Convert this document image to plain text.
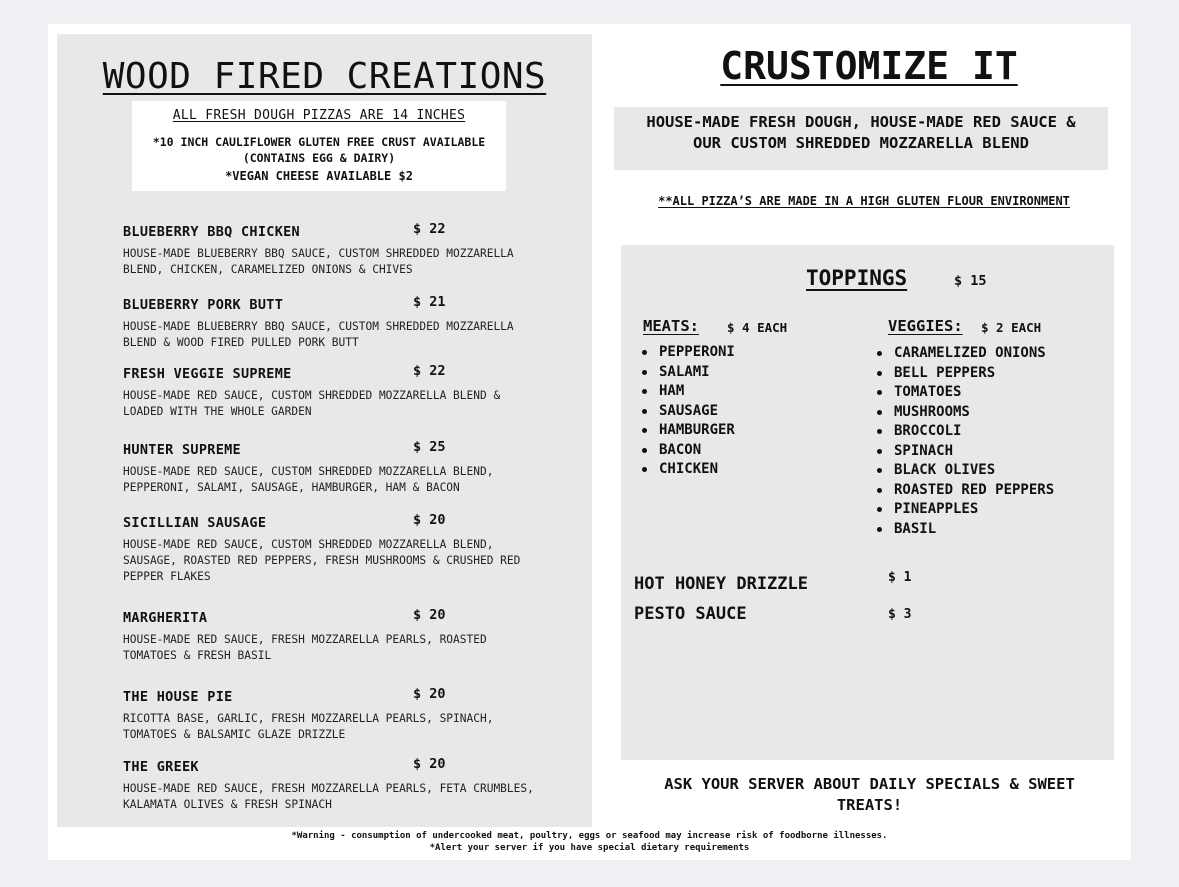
WOOD FIRED CREATIONS
ALL FRESH DOUGH PIZZAS ARE 14 INCHES
*10 INCH CAULIFLOWER GLUTEN FREE CRUST AVAILABLE
(CONTAINS EGG & DAIRY)
*VEGAN CHEESE AVAILABLE $2
BLUEBERRY BBQ CHICKEN	$ 22
HOUSE-MADE BLUEBERRY BBQ SAUCE, CUSTOM SHREDDED MOZZARELLA BLEND, CHICKEN, CARAMELIZED ONIONS & CHIVES
BLUEBERRY PORK BUTT	$ 21
HOUSE-MADE BLUEBERRY BBQ SAUCE, CUSTOM SHREDDED MOZZARELLA BLEND & WOOD FIRED PULLED PORK BUTT
FRESH VEGGIE SUPREME	$ 22
HOUSE-MADE RED SAUCE, CUSTOM SHREDDED MOZZARELLA BLEND & LOADED WITH THE WHOLE GARDEN
HUNTER SUPREME	$ 25
HOUSE-MADE RED SAUCE, CUSTOM SHREDDED MOZZARELLA BLEND, PEPPERONI, SALAMI, SAUSAGE, HAMBURGER, HAM & BACON
SICILLIAN SAUSAGE	$ 20
HOUSE-MADE RED SAUCE, CUSTOM SHREDDED MOZZARELLA BLEND, SAUSAGE, ROASTED RED PEPPERS, FRESH MUSHROOMS & CRUSHED RED PEPPER FLAKES
MARGHERITA	$ 20
HOUSE-MADE RED SAUCE, FRESH MOZZARELLA PEARLS, ROASTED TOMATOES & FRESH BASIL
THE HOUSE PIE	$ 20
RICOTTA BASE, GARLIC, FRESH MOZZARELLA PEARLS, SPINACH, TOMATOES & BALSAMIC GLAZE DRIZZLE
THE GREEK	$ 20
HOUSE-MADE RED SAUCE, FRESH MOZZARELLA PEARLS, FETA CRUMBLES, KALAMATA OLIVES & FRESH SPINACH
CRUSTOMIZE IT
HOUSE-MADE FRESH DOUGH, HOUSE-MADE RED SAUCE &
OUR CUSTOM SHREDDED MOZZARELLA BLEND
**ALL PIZZA’S ARE MADE IN A HIGH GLUTEN FLOUR ENVIRONMENT
TOPPINGS	$ 15
MEATS: $ 4 EACH
PEPPERONI
SALAMI
HAM
SAUSAGE
HAMBURGER
BACON
CHICKEN
VEGGIES: $ 2 EACH
CARAMELIZED ONIONS
BELL PEPPERS
TOMATOES
MUSHROOMS
BROCCOLI
SPINACH
BLACK OLIVES
ROASTED RED PEPPERS
PINEAPPLES
BASIL
HOT HONEY DRIZZLE	$ 1
PESTO SAUCE	$ 3
ASK YOUR SERVER ABOUT DAILY SPECIALS & SWEET
TREATS!
*Warning - consumption of undercooked meat, poultry, eggs or seafood may increase risk of foodborne illnesses.
*Alert your server if you have special dietary requirements
